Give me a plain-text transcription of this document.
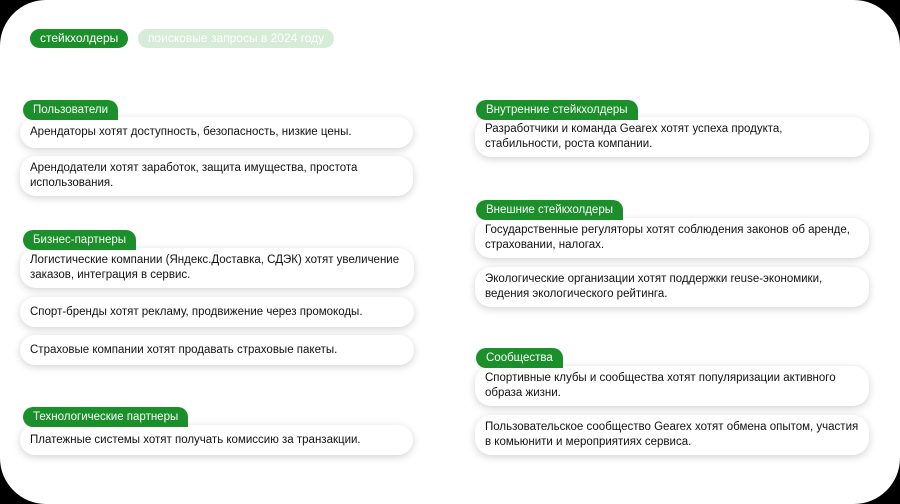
стейкхолдеры	поисковые запросы в 2024 году
Пользователи
Арендаторы хотят доступность, безопасность, низкие цены.
Арендодатели хотят заработок, защита имущества, простота использования.
Бизнес-партнеры
Логистические компании (Яндекс.Доставка, СДЭК) хотят увеличение заказов, интеграция в сервис.
Спорт-бренды хотят рекламу, продвижение через промокоды.
Страховые компании хотят продавать страховые пакеты.
Технологические партнеры
Платежные системы хотят получать комиссию за транзакции.
Внутренние стейкхолдеры
Разработчики и команда Gearex хотят успеха продукта, стабильности, роста компании.
Внешние стейкхолдеры
Государственные регуляторы хотят соблюдения законов об аренде, страховании, налогах.
Экологические организации хотят поддержки reuse-экономики, ведения экологического рейтинга.
Сообщества
Спортивные клубы и сообщества хотят популяризации активного образа жизни.
Пользовательское сообщество Gearex хотят обмена опытом, участия в комьюнити и мероприятиях сервиса.
